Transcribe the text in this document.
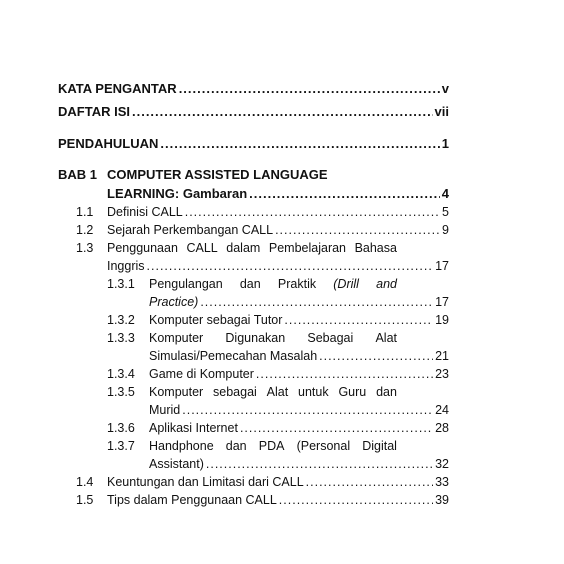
KATA PENGANTAR .....	v
DAFTAR ISI .....	vii
PENDAHULUAN .....	1
BAB 1 COMPUTER ASSISTED LANGUAGE
LEARNING: Gambaran .....	4
1.1 Definisi CALL .....	5
1.2 Sejarah Perkembangan CALL .....	9
1.3 Penggunaan CALL dalam Pembelajaran Bahasa
Inggris .....	17
1.3.1 Pengulangan dan Praktik (Drill and
Practice) .....	17
1.3.2 Komputer sebagai Tutor .....	19
1.3.3 Komputer Digunakan Sebagai Alat
Simulasi/Pemecahan Masalah .....	21
1.3.4 Game di Komputer .....	23
1.3.5 Komputer sebagai Alat untuk Guru dan
Murid .....	24
1.3.6 Aplikasi Internet .....	28
1.3.7 Handphone dan PDA (Personal Digital
Assistant) .....	32
1.4 Keuntungan dan Limitasi dari CALL .....	33
1.5 Tips dalam Penggunaan CALL .....	39
